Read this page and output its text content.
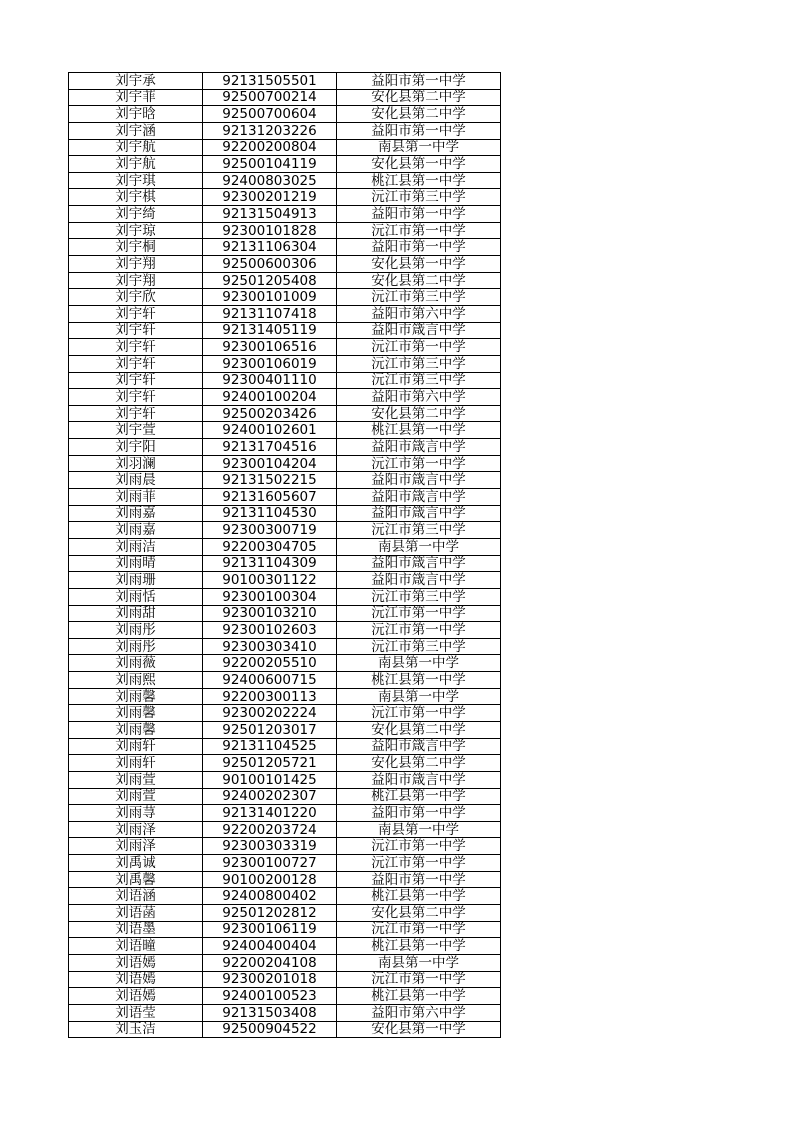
刘宇承	92131505501	益阳市第一中学
刘宇菲	92500700214	安化县第二中学
刘宇晗	92500700604	安化县第二中学
刘宇涵	92131203226	益阳市第一中学
刘宇航	92200200804	南县第一中学
刘宇航	92500104119	安化县第一中学
刘宇琪	92400803025	桃江县第一中学
刘宇棋	92300201219	沅江市第三中学
刘宇绮	92131504913	益阳市第一中学
刘宇琼	92300101828	沅江市第一中学
刘宇桐	92131106304	益阳市第一中学
刘宇翔	92500600306	安化县第一中学
刘宇翔	92501205408	安化县第二中学
刘宇欣	92300101009	沅江市第三中学
刘宇轩	92131107418	益阳市第六中学
刘宇轩	92131405119	益阳市箴言中学
刘宇轩	92300106516	沅江市第一中学
刘宇轩	92300106019	沅江市第三中学
刘宇轩	92300401110	沅江市第三中学
刘宇轩	92400100204	益阳市第六中学
刘宇轩	92500203426	安化县第二中学
刘宇萱	92400102601	桃江县第一中学
刘宇阳	92131704516	益阳市箴言中学
刘羽澜	92300104204	沅江市第一中学
刘雨晨	92131502215	益阳市箴言中学
刘雨菲	92131605607	益阳市箴言中学
刘雨嘉	92131104530	益阳市箴言中学
刘雨嘉	92300300719	沅江市第三中学
刘雨洁	92200304705	南县第一中学
刘雨晴	92131104309	益阳市箴言中学
刘雨珊	90100301122	益阳市箴言中学
刘雨恬	92300100304	沅江市第三中学
刘雨甜	92300103210	沅江市第一中学
刘雨彤	92300102603	沅江市第一中学
刘雨彤	92300303410	沅江市第三中学
刘雨薇	92200205510	南县第一中学
刘雨熙	92400600715	桃江县第一中学
刘雨馨	92200300113	南县第一中学
刘雨馨	92300202224	沅江市第一中学
刘雨馨	92501203017	安化县第二中学
刘雨轩	92131104525	益阳市箴言中学
刘雨轩	92501205721	安化县第二中学
刘雨萱	90100101425	益阳市箴言中学
刘雨萱	92400202307	桃江县第一中学
刘雨荨	92131401220	益阳市第一中学
刘雨泽	92200203724	南县第一中学
刘雨泽	92300303319	沅江市第一中学
刘禹诚	92300100727	沅江市第一中学
刘禹馨	90100200128	益阳市第一中学
刘语涵	92400800402	桃江县第一中学
刘语菡	92501202812	安化县第二中学
刘语墨	92300106119	沅江市第一中学
刘语曈	92400400404	桃江县第一中学
刘语嫣	92200204108	南县第一中学
刘语嫣	92300201018	沅江市第一中学
刘语嫣	92400100523	桃江县第一中学
刘语莹	92131503408	益阳市第六中学
刘玉洁	92500904522	安化县第一中学
